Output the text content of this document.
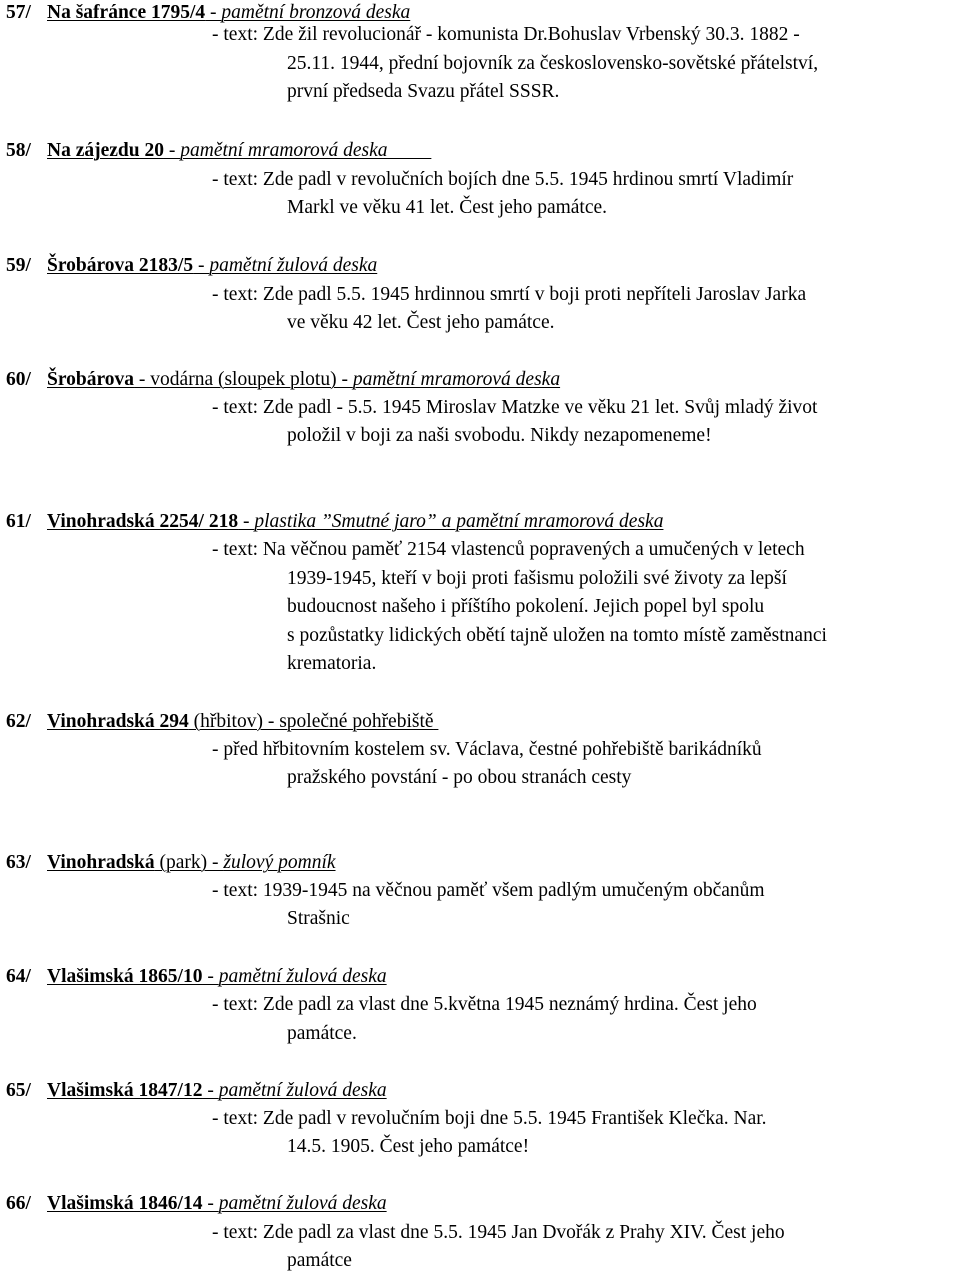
57/ Na šafránce 1795/4 - pamětní bronzová deska
- text: Zde žil revolucionář - komunista Dr.Bohuslav Vrbenský 30.3. 1882 -
25.11. 1944, přední bojovník za československo-sovětské přátelství,
první předseda Svazu přátel SSSR.
58/ Na zájezdu 20 - pamětní mramorová deska
- text: Zde padl v revolučních bojích dne 5.5. 1945 hrdinou smrtí Vladimír
Markl ve věku 41 let. Čest jeho památce.
59/ Šrobárova 2183/5 - pamětní žulová deska
- text: Zde padl 5.5. 1945 hrdinnou smrtí v boji proti nepříteli Jaroslav Jarka
ve věku 42 let. Čest jeho památce.
60/ Šrobárova - vodárna (sloupek plotu) - pamětní mramorová deska
- text: Zde padl - 5.5. 1945 Miroslav Matzke ve věku 21 let. Svůj mladý život
položil v boji za naši svobodu. Nikdy nezapomeneme!
61/ Vinohradská 2254/ 218 - plastika ”Smutné jaro” a pamětní mramorová deska
- text: Na věčnou paměť 2154 vlastenců popravených a umučených v letech
1939-1945, kteří v boji proti fašismu položili své životy za lepší
budoucnost našeho i příštího pokolení. Jejich popel byl spolu
s pozůstatky lidických obětí tajně uložen na tomto místě zaměstnanci
krematoria.
62/ Vinohradská 294 (hřbitov) - společné pohřebiště
- před hřbitovním kostelem sv. Václava, čestné pohřebiště barikádníků
pražského povstání - po obou stranách cesty
63/ Vinohradská (park) - žulový pomník
- text: 1939-1945 na věčnou paměť všem padlým umučeným občanům
Strašnic
64/ Vlašimská 1865/10 - pamětní žulová deska
- text: Zde padl za vlast dne 5.května 1945 neznámý hrdina. Čest jeho
památce.
65/ Vlašimská 1847/12 - pamětní žulová deska
- text: Zde padl v revolučním boji dne 5.5. 1945 František Klečka. Nar.
14.5. 1905. Čest jeho památce!
66/ Vlašimská 1846/14 - pamětní žulová deska
- text: Zde padl za vlast dne 5.5. 1945 Jan Dvořák z Prahy XIV. Čest jeho
památce
